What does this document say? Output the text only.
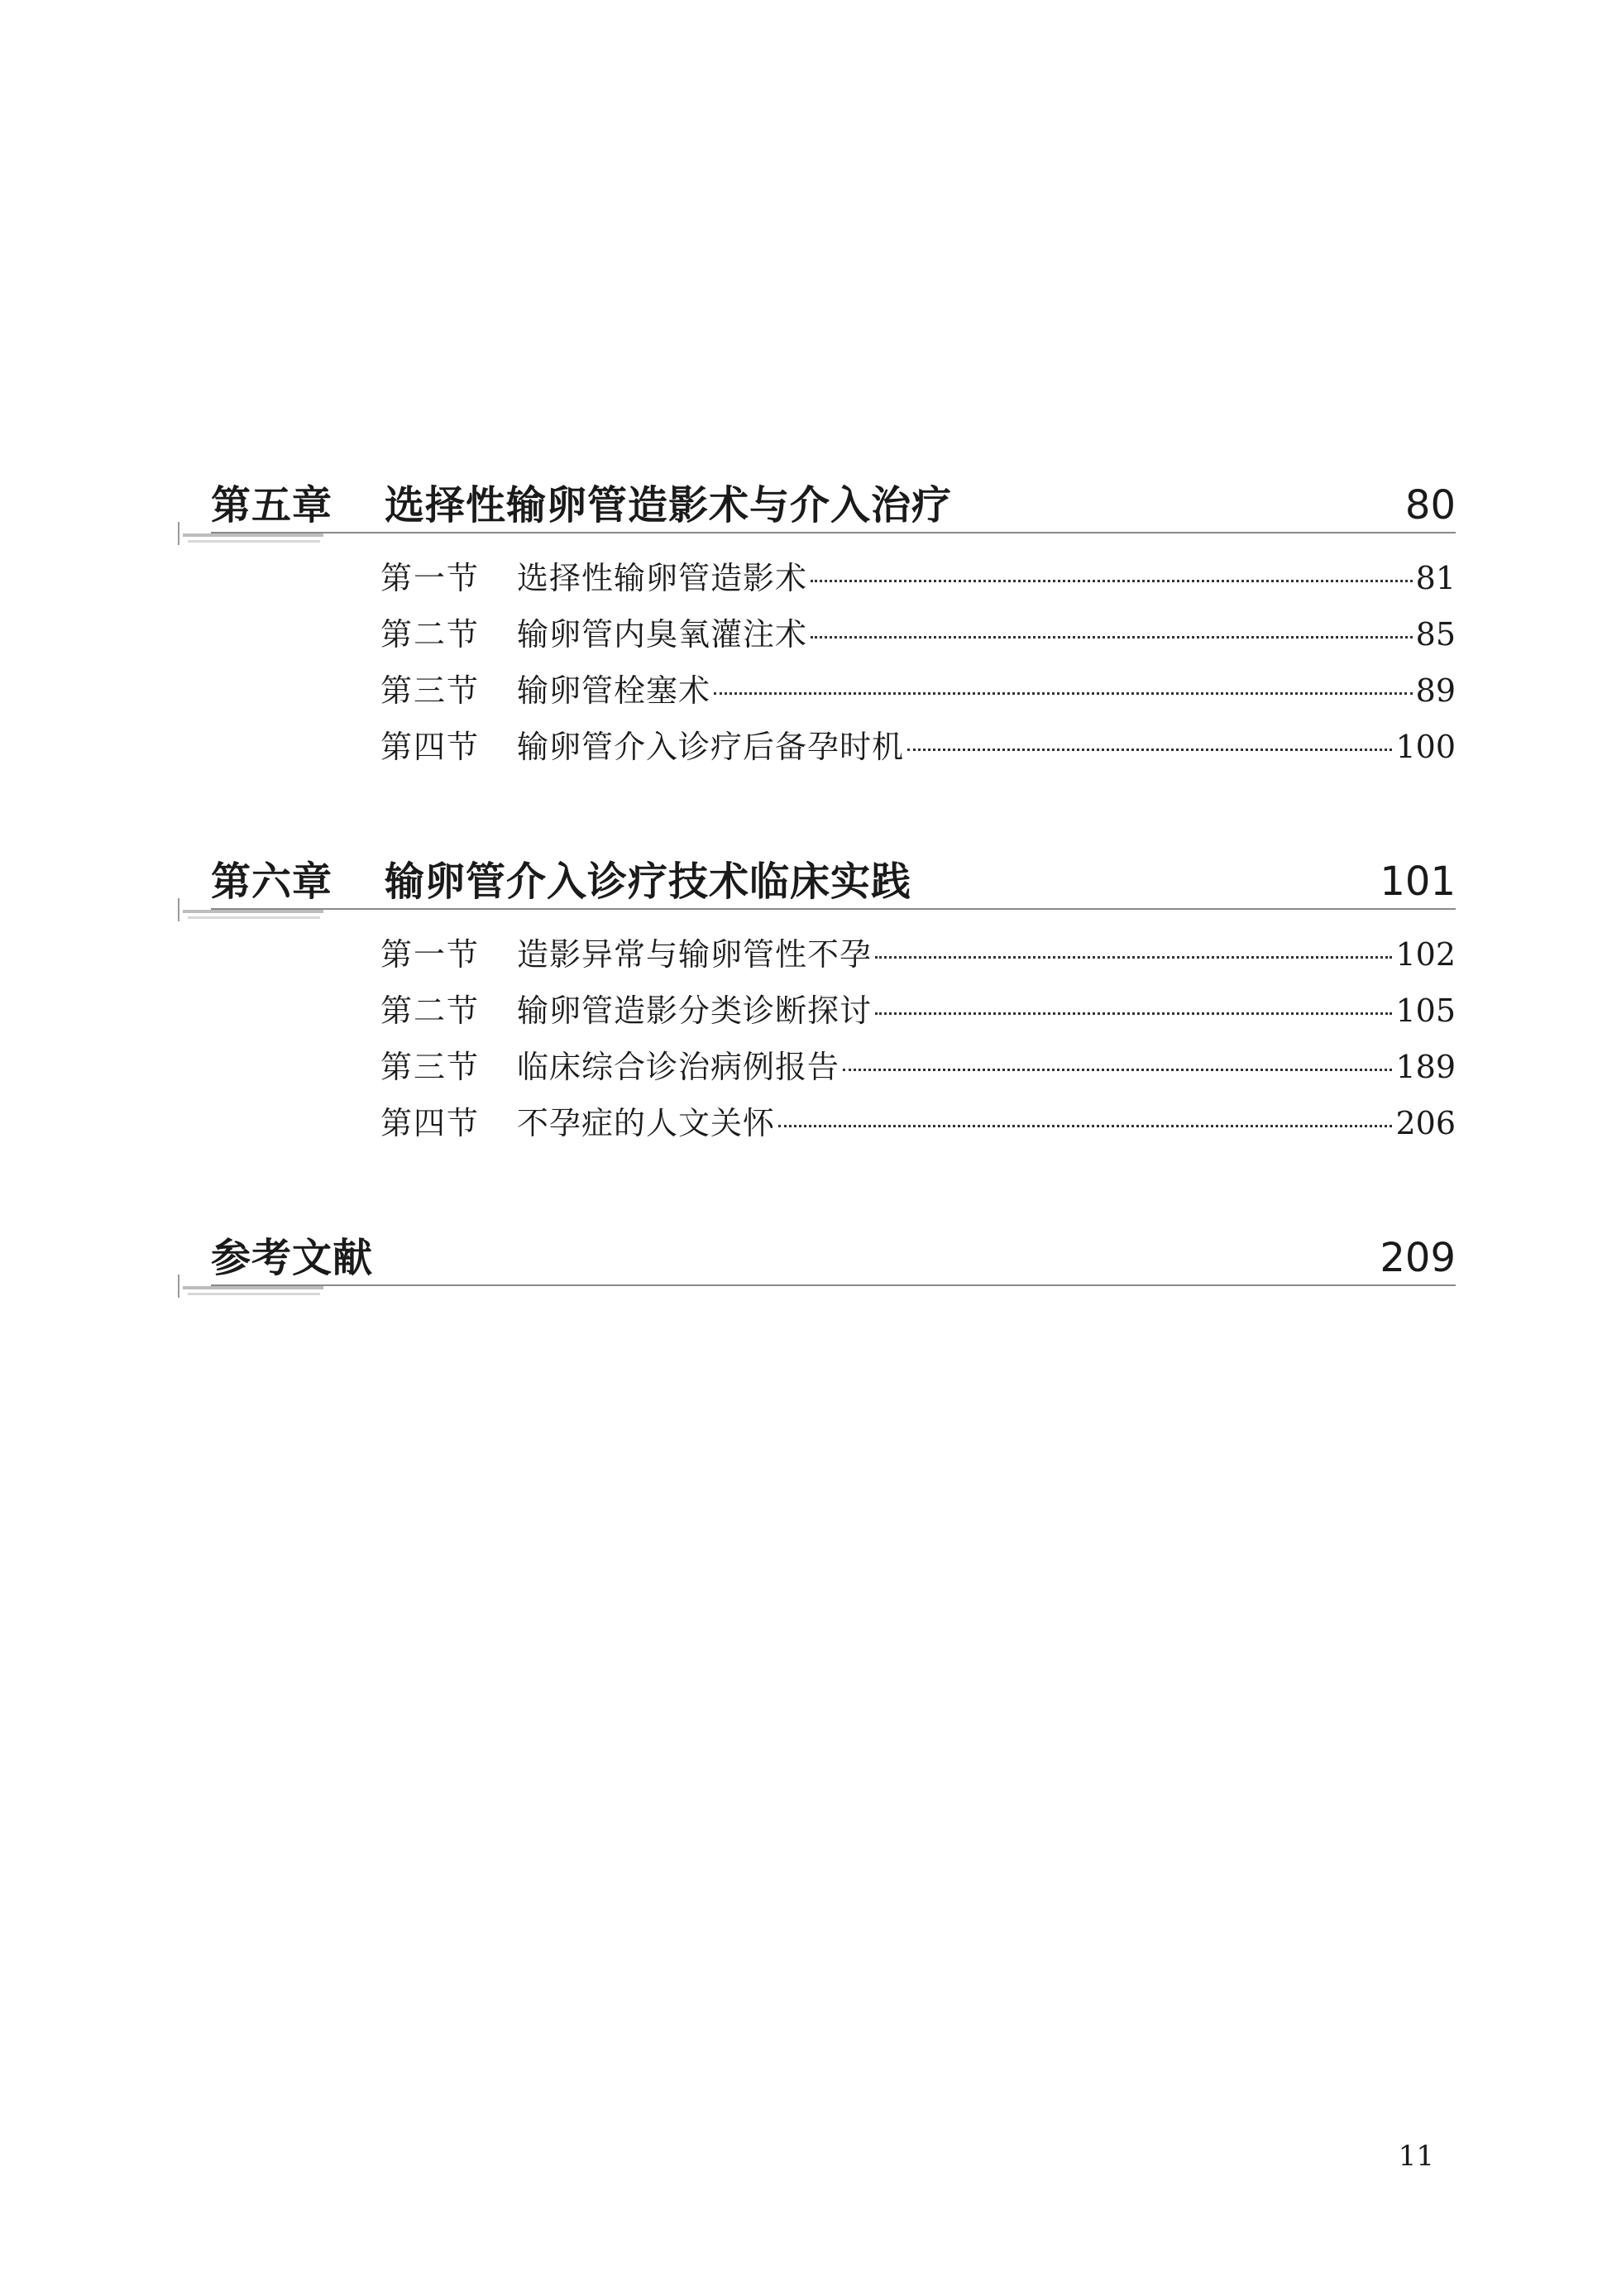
第五章 选择性输卵管造影术与介入治疗	80
第一节 选择性输卵管造影术	81
第二节 输卵管内臭氧灌注术	85
第三节 输卵管栓塞术	89
第四节 输卵管介入诊疗后备孕时机	100
第六章 输卵管介入诊疗技术临床实践	101
第一节 造影异常与输卵管性不孕	102
第二节 输卵管造影分类诊断探讨	105
第三节 临床综合诊治病例报告	189
第四节 不孕症的人文关怀	206
参考文献	209
11
